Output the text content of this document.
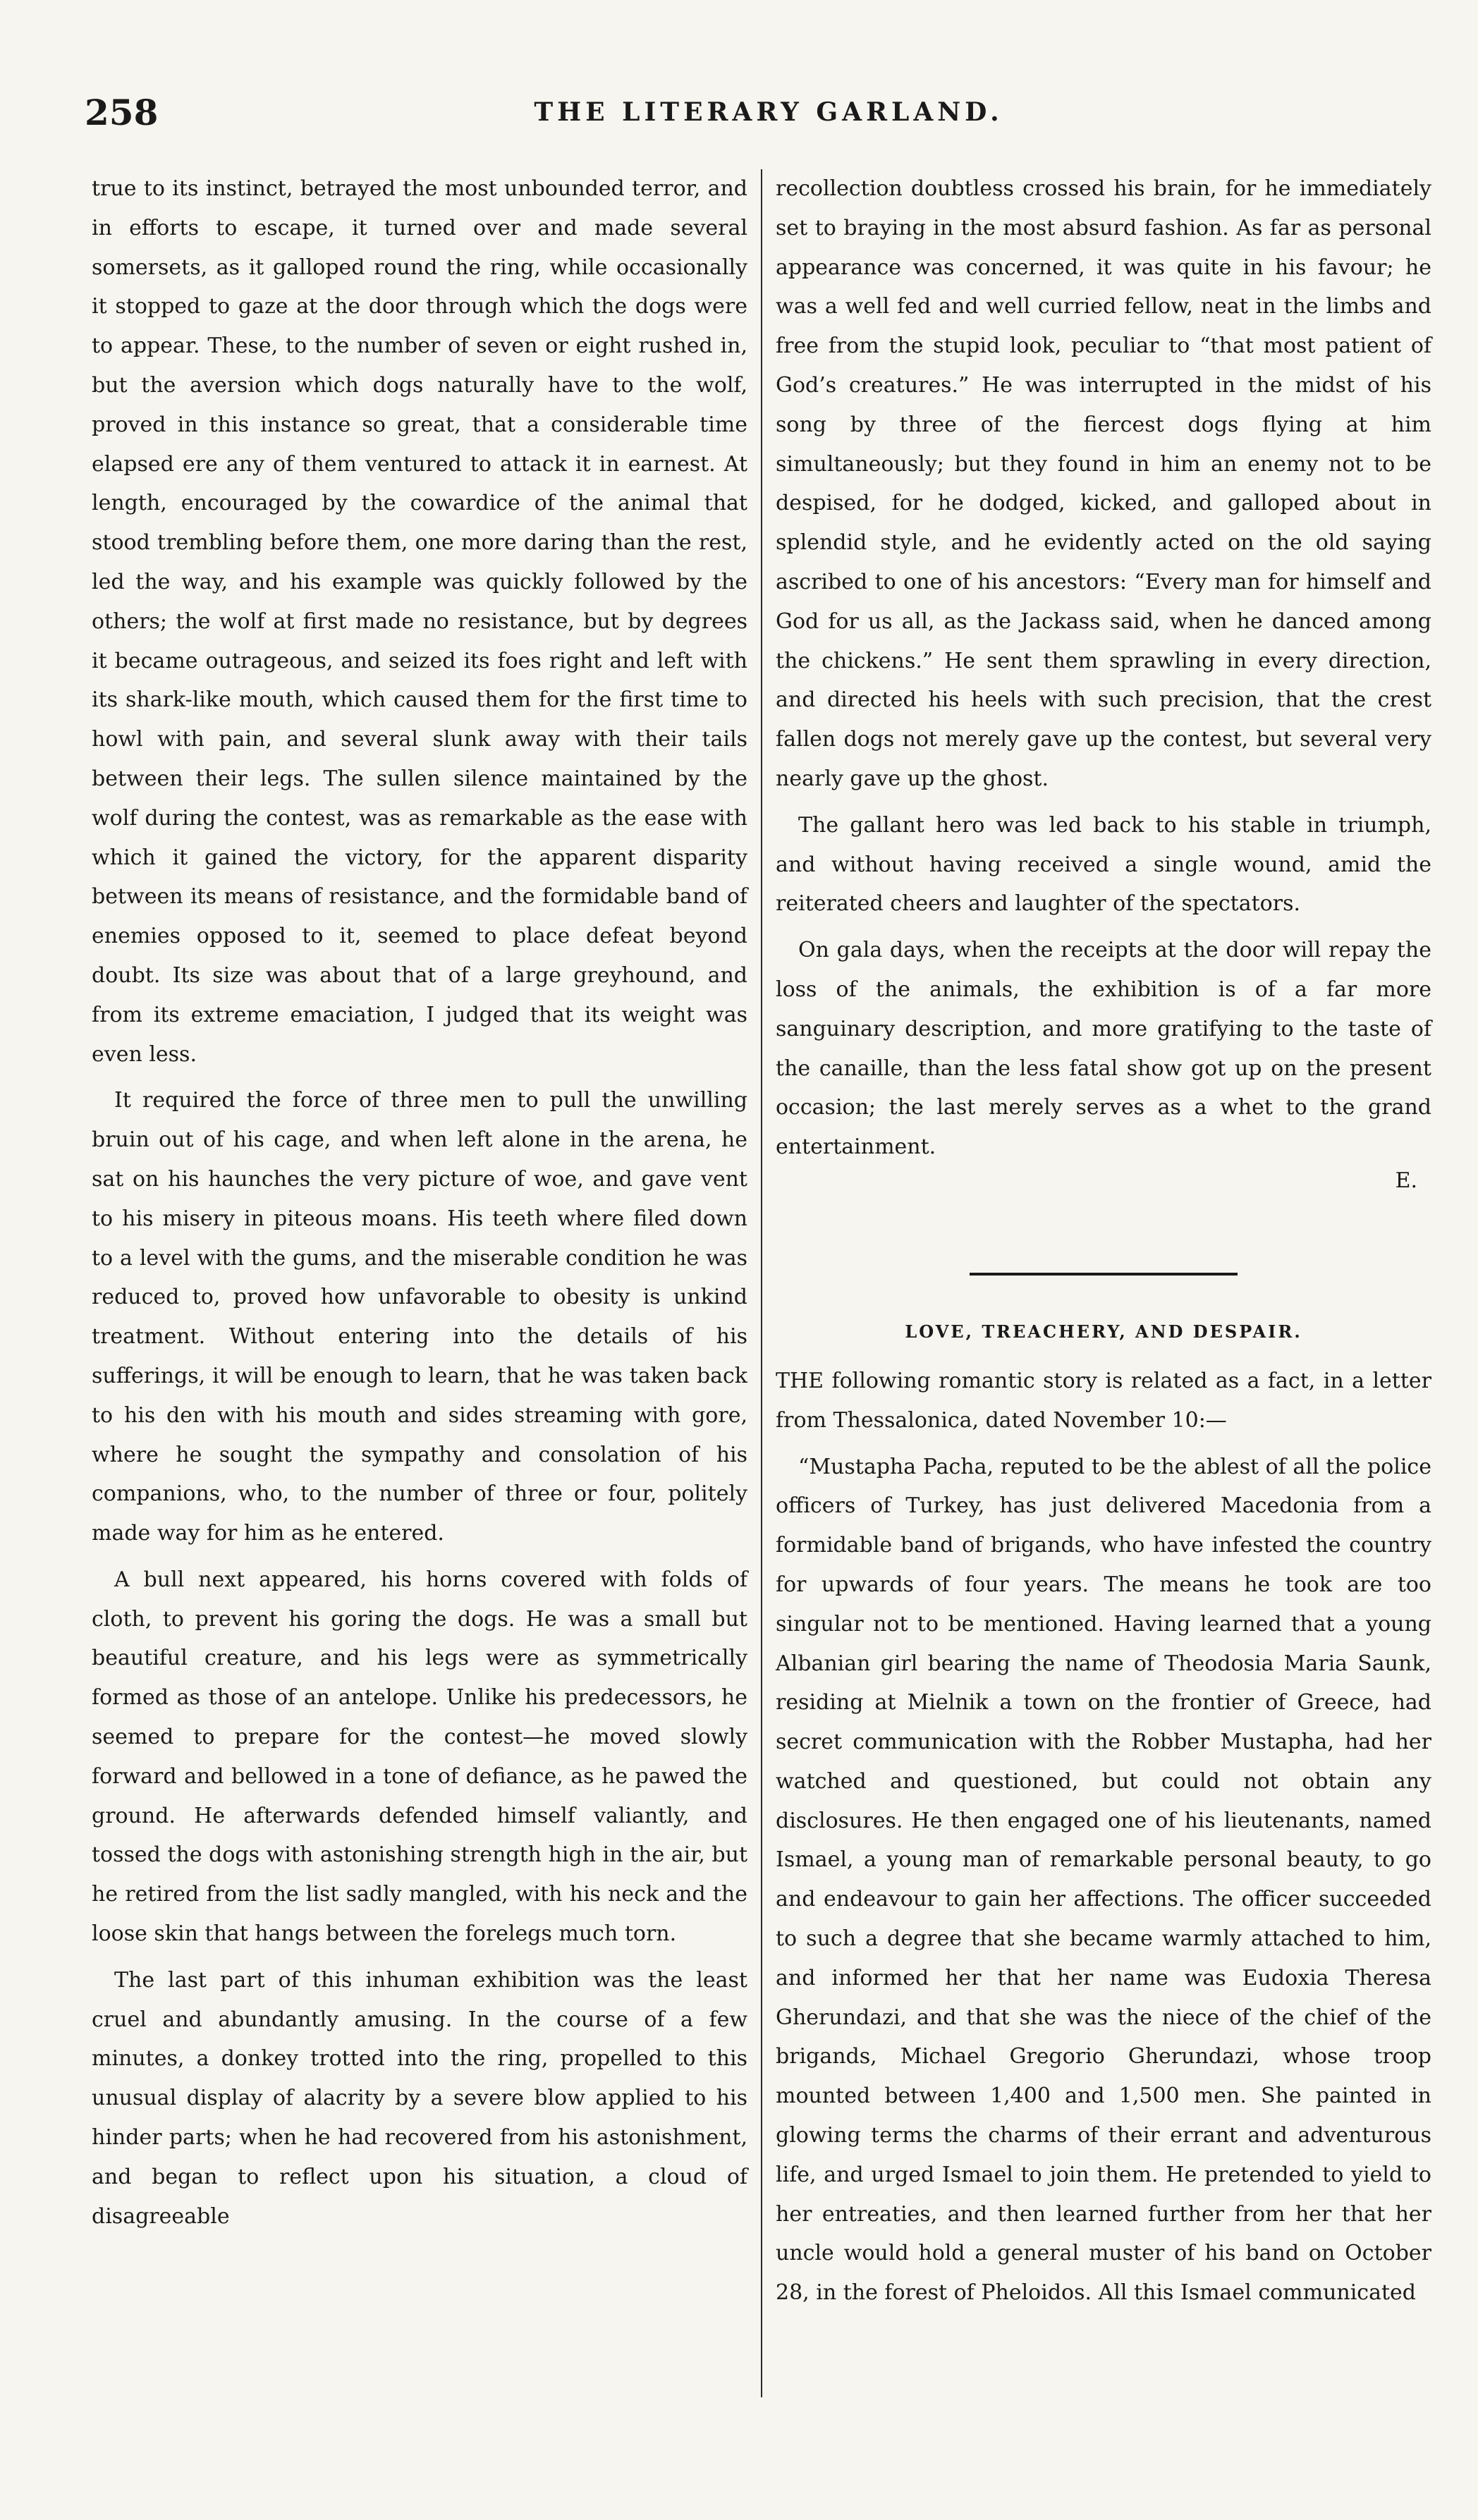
258	THE LITERARY GARLAND.

true to its instinct, betrayed the most unbounded terror, and in efforts to escape, it turned over and made several somersets, as it galloped round the ring, while occasionally it stopped to gaze at the door through which the dogs were to appear. These, to the number of seven or eight rushed in, but the aversion which dogs naturally have to the wolf, proved in this instance so great, that a considerable time elapsed ere any of them ventured to attack it in earnest. At length, encouraged by the cowardice of the animal that stood trembling before them, one more daring than the rest, led the way, and his example was quickly followed by the others; the wolf at first made no resistance, but by degrees it became outrageous, and seized its foes right and left with its shark-like mouth, which caused them for the first time to howl with pain, and several slunk away with their tails between their legs. The sullen silence maintained by the wolf during the contest, was as remarkable as the ease with which it gained the victory, for the apparent disparity between its means of resistance, and the formidable band of enemies opposed to it, seemed to place defeat beyond doubt. Its size was about that of a large greyhound, and from its extreme emaciation, I judged that its weight was even less.

It required the force of three men to pull the unwilling bruin out of his cage, and when left alone in the arena, he sat on his haunches the very picture of woe, and gave vent to his misery in piteous moans. His teeth where filed down to a level with the gums, and the miserable condition he was reduced to, proved how unfavorable to obesity is unkind treatment. Without entering into the details of his sufferings, it will be enough to learn, that he was taken back to his den with his mouth and sides streaming with gore, where he sought the sympathy and consolation of his companions, who, to the number of three or four, politely made way for him as he entered.

A bull next appeared, his horns covered with folds of cloth, to prevent his goring the dogs. He was a small but beautiful creature, and his legs were as symmetrically formed as those of an antelope. Unlike his predecessors, he seemed to prepare for the contest—he moved slowly forward and bellowed in a tone of defiance, as he pawed the ground. He afterwards defended himself valiantly, and tossed the dogs with astonishing strength high in the air, but he retired from the list sadly mangled, with his neck and the loose skin that hangs between the forelegs much torn.

The last part of this inhuman exhibition was the least cruel and abundantly amusing. In the course of a few minutes, a donkey trotted into the ring, propelled to this unusual display of alacrity by a severe blow applied to his hinder parts; when he had recovered from his astonishment, and began to reflect upon his situation, a cloud of disagreeable

recollection doubtless crossed his brain, for he immediately set to braying in the most absurd fashion. As far as personal appearance was concerned, it was quite in his favour; he was a well fed and well curried fellow, neat in the limbs and free from the stupid look, peculiar to “that most patient of God’s creatures.” He was interrupted in the midst of his song by three of the fiercest dogs flying at him simultaneously; but they found in him an enemy not to be despised, for he dodged, kicked, and galloped about in splendid style, and he evidently acted on the old saying ascribed to one of his ancestors: “Every man for himself and God for us all, as the Jackass said, when he danced among the chickens.” He sent them sprawling in every direction, and directed his heels with such precision, that the crest fallen dogs not merely gave up the contest, but several very nearly gave up the ghost.

The gallant hero was led back to his stable in triumph, and without having received a single wound, amid the reiterated cheers and laughter of the spectators.

On gala days, when the receipts at the door will repay the loss of the animals, the exhibition is of a far more sanguinary description, and more gratifying to the taste of the canaille, than the less fatal show got up on the present occasion; the last merely serves as a whet to the grand entertainment.

E.
LOVE, TREACHERY, AND DESPAIR.

THE following romantic story is related as a fact, in a letter from Thessalonica, dated November 10:—

“Mustapha Pacha, reputed to be the ablest of all the police officers of Turkey, has just delivered Macedonia from a formidable band of brigands, who have infested the country for upwards of four years. The means he took are too singular not to be mentioned. Having learned that a young Albanian girl bearing the name of Theodosia Maria Saunk, residing at Mielnik a town on the frontier of Greece, had secret communication with the Robber Mustapha, had her watched and questioned, but could not obtain any disclosures. He then engaged one of his lieutenants, named Ismael, a young man of remarkable personal beauty, to go and endeavour to gain her affections. The officer succeeded to such a degree that she became warmly attached to him, and informed her that her name was Eudoxia Theresa Gherundazi, and that she was the niece of the chief of the brigands, Michael Gregorio Gherundazi, whose troop mounted between 1,400 and 1,500 men. She painted in glowing terms the charms of their errant and adventurous life, and urged Ismael to join them. He pretended to yield to her entreaties, and then learned further from her that her uncle would hold a general muster of his band on October 28, in the forest of Pheloidos. All this Ismael communicated
